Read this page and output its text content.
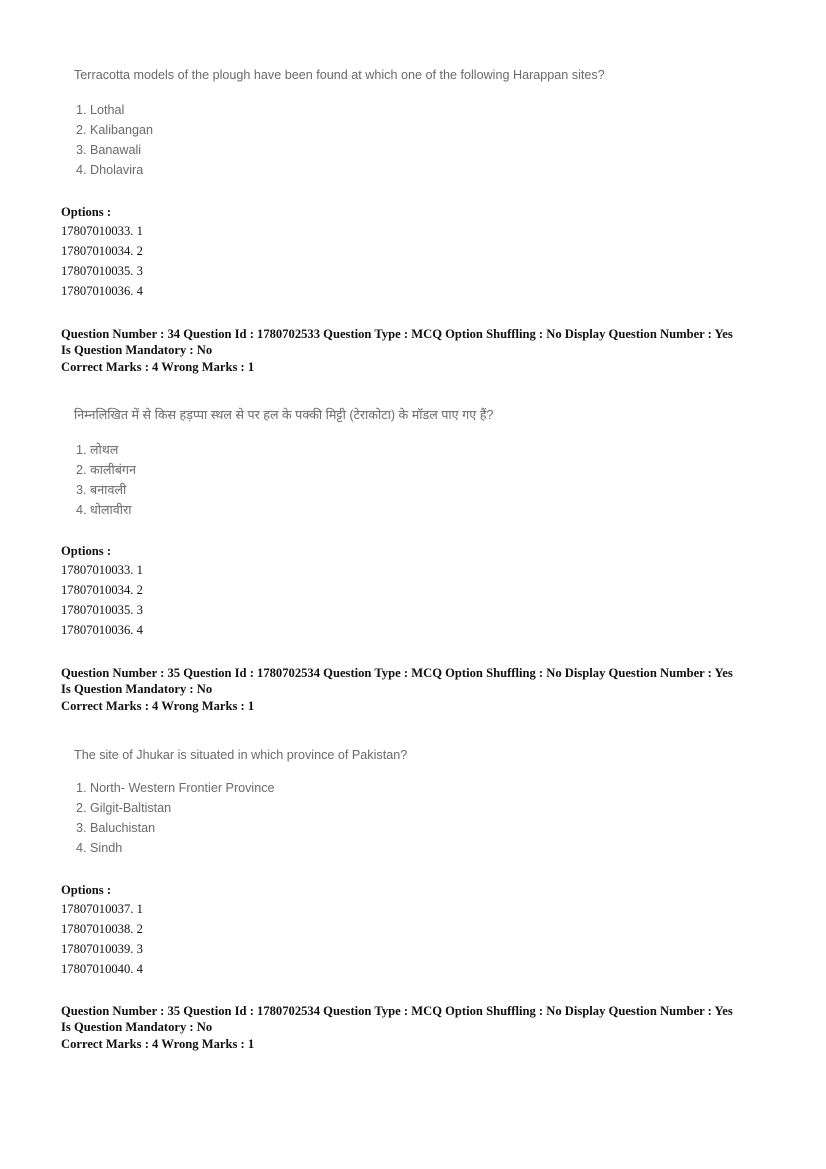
Terracotta models of the plough have been found at which one of the following Harappan sites?
1. Lothal
2. Kalibangan
3. Banawali
4. Dholavira
Options :
17807010033. 1
17807010034. 2
17807010035. 3
17807010036. 4
Question Number : 34 Question Id : 1780702533 Question Type : MCQ Option Shuffling : No Display Question Number : Yes
Is Question Mandatory : No
Correct Marks : 4 Wrong Marks : 1
निम्नलिखित में से किस हड़प्पा स्थल से पर हल के पक्की मिट्टी (टेराकोटा) के मॉडल पाए गए हैं?
1. लोथल
2. कालीबंगन
3. बनावली
4. धोलावीरा
Options :
17807010033. 1
17807010034. 2
17807010035. 3
17807010036. 4
Question Number : 35 Question Id : 1780702534 Question Type : MCQ Option Shuffling : No Display Question Number : Yes
Is Question Mandatory : No
Correct Marks : 4 Wrong Marks : 1
The site of Jhukar is situated in which province of Pakistan?
1. North- Western Frontier Province
2. Gilgit-Baltistan
3. Baluchistan
4. Sindh
Options :
17807010037. 1
17807010038. 2
17807010039. 3
17807010040. 4
Question Number : 35 Question Id : 1780702534 Question Type : MCQ Option Shuffling : No Display Question Number : Yes
Is Question Mandatory : No
Correct Marks : 4 Wrong Marks : 1
